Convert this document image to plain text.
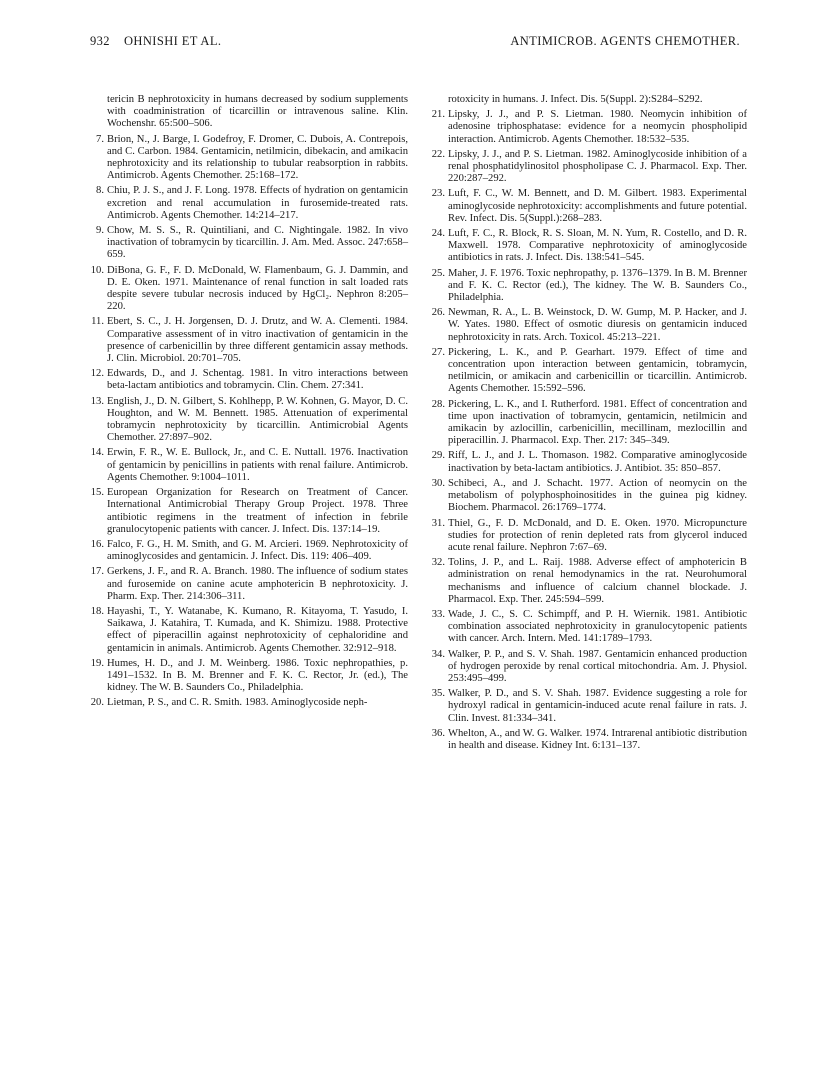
932 OHNISHI ET AL.	ANTIMICROB. AGENTS CHEMOTHER.
tericin B nephrotoxicity in humans decreased by sodium supplements with coadministration of ticarcillin or intravenous saline. Klin. Wochenshr. 65:500–506.
7. Brion, N., J. Barge, I. Godefroy, F. Dromer, C. Dubois, A. Contrepois, and C. Carbon. 1984. Gentamicin, netilmicin, dibekacin, and amikacin nephrotoxicity and its relationship to tubular reabsorption in rabbits. Antimicrob. Agents Chemother. 25:168–172.
8. Chiu, P. J. S., and J. F. Long. 1978. Effects of hydration on gentamicin excretion and renal accumulation in furosemide-treated rats. Antimicrob. Agents Chemother. 14:214–217.
9. Chow, M. S. S., R. Quintiliani, and C. Nightingale. 1982. In vivo inactivation of tobramycin by ticarcillin. J. Am. Med. Assoc. 247:658–659.
10. DiBona, G. F., F. D. McDonald, W. Flamenbaum, G. J. Dammin, and D. E. Oken. 1971. Maintenance of renal function in salt loaded rats despite severe tubular necrosis induced by HgCl₂. Nephron 8:205–220.
11. Ebert, S. C., J. H. Jorgensen, D. J. Drutz, and W. A. Clementi. 1984. Comparative assessment of in vitro inactivation of gentamicin in the presence of carbenicillin by three different gentamicin assay methods. J. Clin. Microbiol. 20:701–705.
12. Edwards, D., and J. Schentag. 1981. In vitro interactions between beta-lactam antibiotics and tobramycin. Clin. Chem. 27:341.
13. English, J., D. N. Gilbert, S. Kohlhepp, P. W. Kohnen, G. Mayor, D. C. Houghton, and W. M. Bennett. 1985. Attenuation of experimental tobramycin nephrotoxicity by ticarcillin. Antimicrobial Agents Chemother. 27:897–902.
14. Erwin, F. R., W. E. Bullock, Jr., and C. E. Nuttall. 1976. Inactivation of gentamicin by penicillins in patients with renal failure. Antimicrob. Agents Chemother. 9:1004–1011.
15. European Organization for Research on Treatment of Cancer. International Antimicrobial Therapy Group Project. 1978. Three antibiotic regimens in the treatment of infection in febrile granulocytopenic patients with cancer. J. Infect. Dis. 137:14–19.
16. Falco, F. G., H. M. Smith, and G. M. Arcieri. 1969. Nephrotoxicity of aminoglycosides and gentamicin. J. Infect. Dis. 119: 406–409.
17. Gerkens, J. F., and R. A. Branch. 1980. The influence of sodium states and furosemide on canine acute amphotericin B nephrotoxicity. J. Pharm. Exp. Ther. 214:306–311.
18. Hayashi, T., Y. Watanabe, K. Kumano, R. Kitayoma, T. Yasudo, I. Saikawa, J. Katahira, T. Kumada, and K. Shimizu. 1988. Protective effect of piperacillin against nephrotoxicity of cephaloridine and gentamicin in animals. Antimicrob. Agents Chemother. 32:912–918.
19. Humes, H. D., and J. M. Weinberg. 1986. Toxic nephropathies, p. 1491–1532. In B. M. Brenner and F. K. C. Rector, Jr. (ed.), The kidney. The W. B. Saunders Co., Philadelphia.
20. Lietman, P. S., and C. R. Smith. 1983. Aminoglycoside neph-
rotoxicity in humans. J. Infect. Dis. 5(Suppl. 2):S284–S292.
21. Lipsky, J. J., and P. S. Lietman. 1980. Neomycin inhibition of adenosine triphosphatase: evidence for a neomycin phospholipid interaction. Antimicrob. Agents Chemother. 18:532–535.
22. Lipsky, J. J., and P. S. Lietman. 1982. Aminoglycoside inhibition of a renal phosphatidylinositol phospholipase C. J. Pharmacol. Exp. Ther. 220:287–292.
23. Luft, F. C., W. M. Bennett, and D. M. Gilbert. 1983. Experimental aminoglycoside nephrotoxicity: accomplishments and future potential. Rev. Infect. Dis. 5(Suppl.):268–283.
24. Luft, F. C., R. Block, R. S. Sloan, M. N. Yum, R. Costello, and D. R. Maxwell. 1978. Comparative nephrotoxicity of aminoglycoside antibiotics in rats. J. Infect. Dis. 138:541–545.
25. Maher, J. F. 1976. Toxic nephropathy, p. 1376–1379. In B. M. Brenner and F. K. C. Rector (ed.), The kidney. The W. B. Saunders Co., Philadelphia.
26. Newman, R. A., L. B. Weinstock, D. W. Gump, M. P. Hacker, and J. W. Yates. 1980. Effect of osmotic diuresis on gentamicin induced nephrotoxicity in rats. Arch. Toxicol. 45:213–221.
27. Pickering, L. K., and P. Gearhart. 1979. Effect of time and concentration upon interaction between gentamicin, tobramycin, netilmicin, or amikacin and carbenicillin or ticarcillin. Antimicrob. Agents Chemother. 15:592–596.
28. Pickering, L. K., and I. Rutherford. 1981. Effect of concentration and time upon inactivation of tobramycin, gentamicin, netilmicin and amikacin by azlocillin, carbenicillin, mecillinam, mezlocillin and piperacillin. J. Pharmacol. Exp. Ther. 217: 345–349.
29. Riff, L. J., and J. L. Thomason. 1982. Comparative aminoglycoside inactivation by beta-lactam antibiotics. J. Antibiot. 35: 850–857.
30. Schibeci, A., and J. Schacht. 1977. Action of neomycin on the metabolism of polyphosphoinositides in the guinea pig kidney. Biochem. Pharmacol. 26:1769–1774.
31. Thiel, G., F. D. McDonald, and D. E. Oken. 1970. Micropuncture studies for protection of renin depleted rats from glycerol induced acute renal failure. Nephron 7:67–69.
32. Tolins, J. P., and L. Raij. 1988. Adverse effect of amphotericin B administration on renal hemodynamics in the rat. Neurohumoral mechanisms and influence of calcium channel blockade. J. Pharmacol. Exp. Ther. 245:594–599.
33. Wade, J. C., S. C. Schimpff, and P. H. Wiernik. 1981. Antibiotic combination associated nephrotoxicity in granulocytopenic patients with cancer. Arch. Intern. Med. 141:1789–1793.
34. Walker, P. P., and S. V. Shah. 1987. Gentamicin enhanced production of hydrogen peroxide by renal cortical mitochondria. Am. J. Physiol. 253:495–499.
35. Walker, P. D., and S. V. Shah. 1987. Evidence suggesting a role for hydroxyl radical in gentamicin-induced acute renal failure in rats. J. Clin. Invest. 81:334–341.
36. Whelton, A., and W. G. Walker. 1974. Intrarenal antibiotic distribution in health and disease. Kidney Int. 6:131–137.
